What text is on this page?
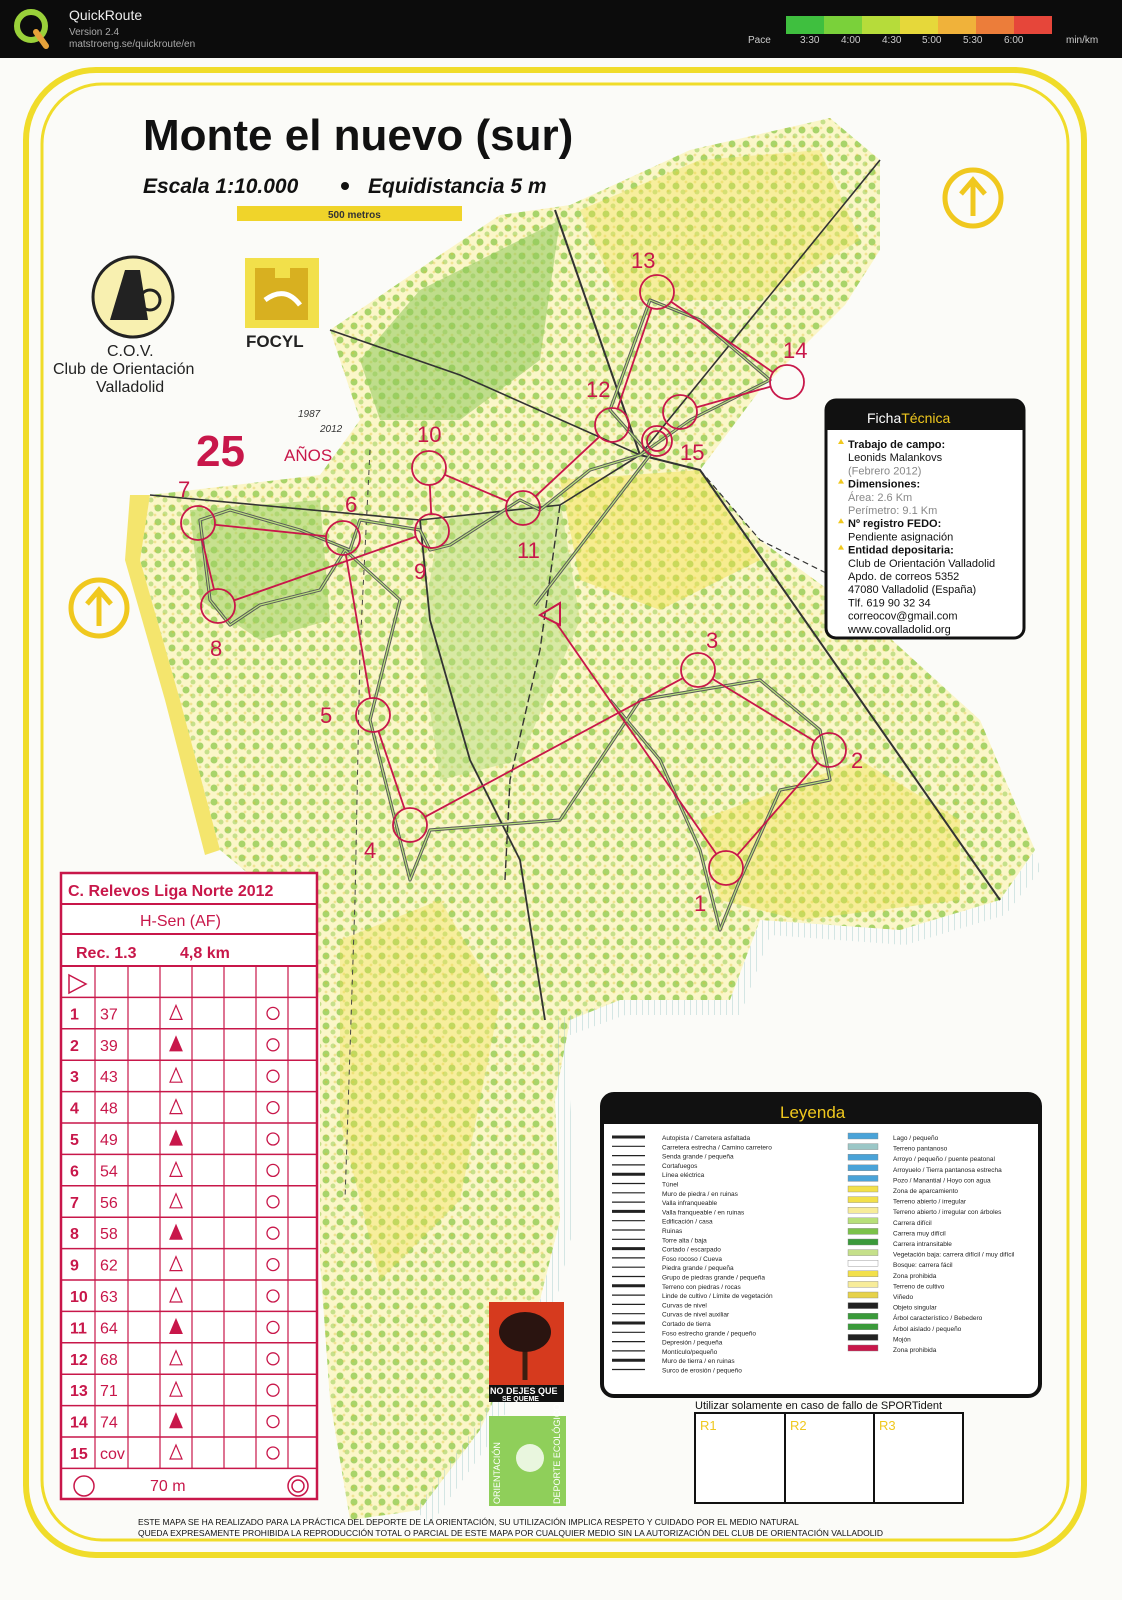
QuickRoute
Version 2.4
matstroeng.se/quickroute/en	Pace	3:30 4:00 4:30 5:00 5:30 6:00	min/km
Monte el nuevo (sur)
Escala 1:10.000	Equidistancia 5 m
500 metros
C.O.V.
Club de Orientación
Valladolid
FOCYL
25 AÑOS
1987
2012
1
2
3
4
5
6
7
8
9
10
11
12
13
14
15
FichaTécnica
Trabajo de campo:
Leonids Malankovs
(Febrero 2012)
Dimensiones:
Área: 2.6 Km
Perímetro: 9.1 Km
Nº registro FEDO:
Pendiente asignación
Entidad depositaria:
Club de Orientación Valladolid
Apdo. de correos 5352
47080 Valladolid (España)
Tlf. 619 90 32 34
correocov@gmail.com
www.covalladolid.org
C. Relevos Liga Norte 2012
H-Sen (AF)
Rec. 1.3	4,8 km
70 m
1 37
2 39
3 43
4 48
5 49
6 54
7 56
8 58
9 62
10 63
11 64
12 68
13 71
14 74
15 cov
Leyenda
Autopista / Carretera asfaltada
Carretera estrecha / Camino carretero
Senda grande / pequeña
Cortafuegos
Línea eléctrica
Túnel
Muro de piedra / en ruinas
Valla infranqueable
Valla franqueable / en ruinas
Edificación / casa
Ruinas
Torre alta / baja
Cortado / escarpado
Foso rocoso / Cueva
Piedra grande / pequeña
Grupo de piedras grande / pequeña
Terreno con piedras / rocas
Linde de cultivo / Límite de vegetación
Curvas de nivel
Curvas de nivel auxiliar
Cortado de tierra
Foso estrecho grande / pequeño
Depresión / pequeña
Montículo/pequeño
Muro de tierra / en ruinas
Surco de erosión / pequeño
Lago / pequeño
Terreno pantanoso
Arroyo / pequeño / puente peatonal
Arroyuelo / Tierra pantanosa estrecha
Pozo / Manantial / Hoyo con agua
Zona de aparcamiento
Terreno abierto / irregular
Terreno abierto / irregular con árboles
Carrera difícil
Carrera muy difícil
Carrera intransitable
Vegetación baja: carrera difícil / muy difícil
Bosque: carrera fácil
Zona prohibida
Terreno de cultivo
Viñedo
Objeto singular
Árbol característico / Bebedero
Árbol aislado / pequeño
Mojón
Zona prohibida
NO DEJES QUE
SE QUEME
ORIENTACIÓN	DEPORTE ECOLÓGICO	Utilizar solamente en caso de fallo de SPORTident
R1	R2	R3
ESTE MAPA SE HA REALIZADO PARA LA PRÁCTICA DEL DEPORTE DE LA ORIENTACIÓN, SU UTILIZACIÓN IMPLICA RESPETO Y CUIDADO POR EL MEDIO NATURAL
QUEDA EXPRESAMENTE PROHIBIDA LA REPRODUCCIÓN TOTAL O PARCIAL DE ESTE MAPA POR CUALQUIER MEDIO SIN LA AUTORIZACIÓN DEL CLUB DE ORIENTACIÓN VALLADOLID
